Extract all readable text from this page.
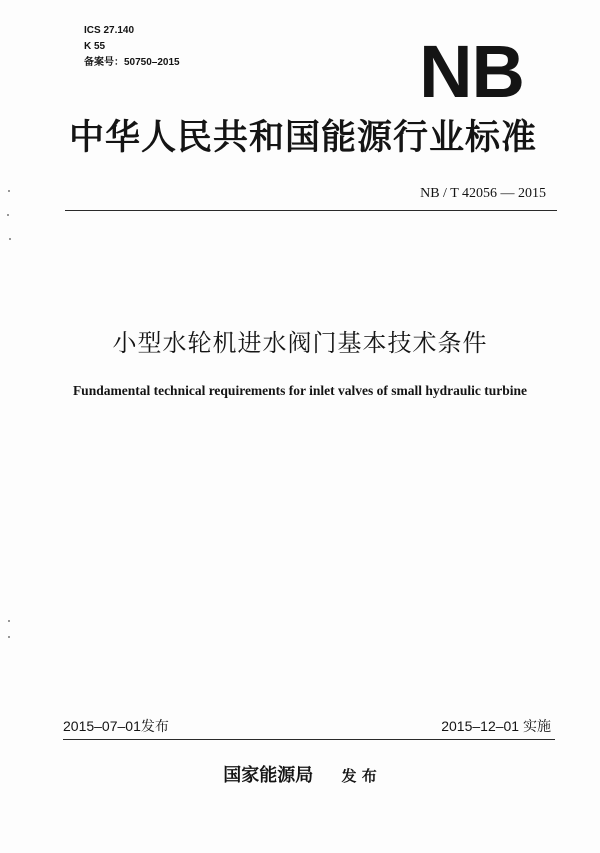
ICS 27.140
K 55
备案号：50750–2015	NB
中华人民共和国能源行业标准
NB / T 42056 — 2015
小型水轮机进水阀门基本技术条件
Fundamental technical requirements for inlet valves of small hydraulic turbine
2015–07–01发布	2015–12–01 实施
国家能源局 发 布
